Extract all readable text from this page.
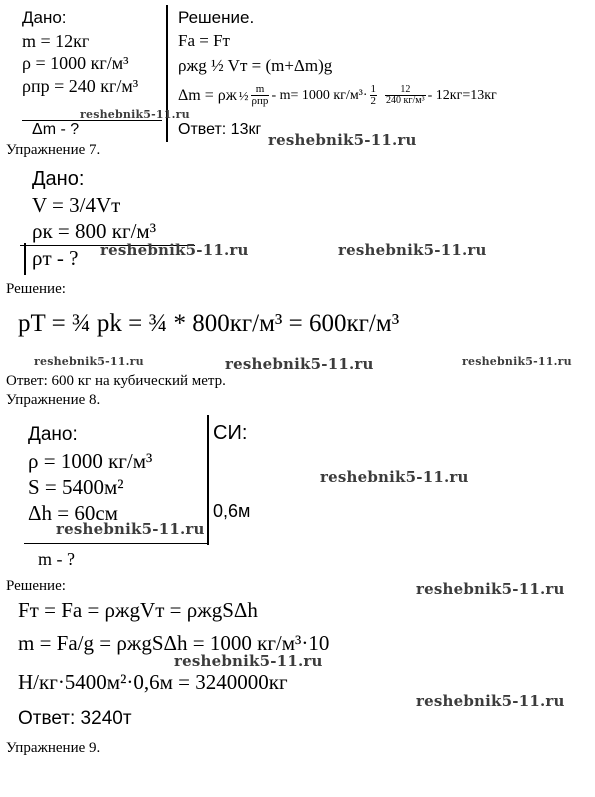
Дано:
m = 12кг
ρ = 1000 кг/м³
ρпр = 240 кг/м³
Δm - ?
Решение.
Fa = Fт
ρжg ½ Vт = (m+Δm)g
Δm = ρж ½ $\frac{m}{\text{ρпр}} - m= 1000$ $кг/м^3\cdot \frac{1}{2} \frac{12}{\text{240 кг/м³}} - 12кг=13кг$
Ответ: 13кг
Упражнение 7.
Дано:
V = 3/4Vт
ρк = 800 кг/м³
ρт - ?
Решение:
pT = ¾ pk = ¾ * 800кг/м³ = 600кг/м³
Ответ: 600 кг на кубический метр.
Упражнение 8.
Дано:
ρ = 1000 кг/м³
S = 5400м²
Δh = 60см
m - ?
СИ:
0,6м
Решение:
Fт = Fa = ρжgVт = ρжgSΔh
m = Fa/g = ρжgSΔh = 1000 кг/м³·10
Н/кг·5400м²·0,6м = 3240000кг
Ответ: 3240т
Упражнение 9.
reshebnik5-11.ru
reshebnik5-11.ru
reshebnik5-11.ru	reshebnik5-11.ru
reshebnik5-11.ru	reshebnik5-11.ru	reshebnik5-11.ru
reshebnik5-11.ru
reshebnik5-11.ru
reshebnik5-11.ru
reshebnik5-11.ru
reshebnik5-11.ru
